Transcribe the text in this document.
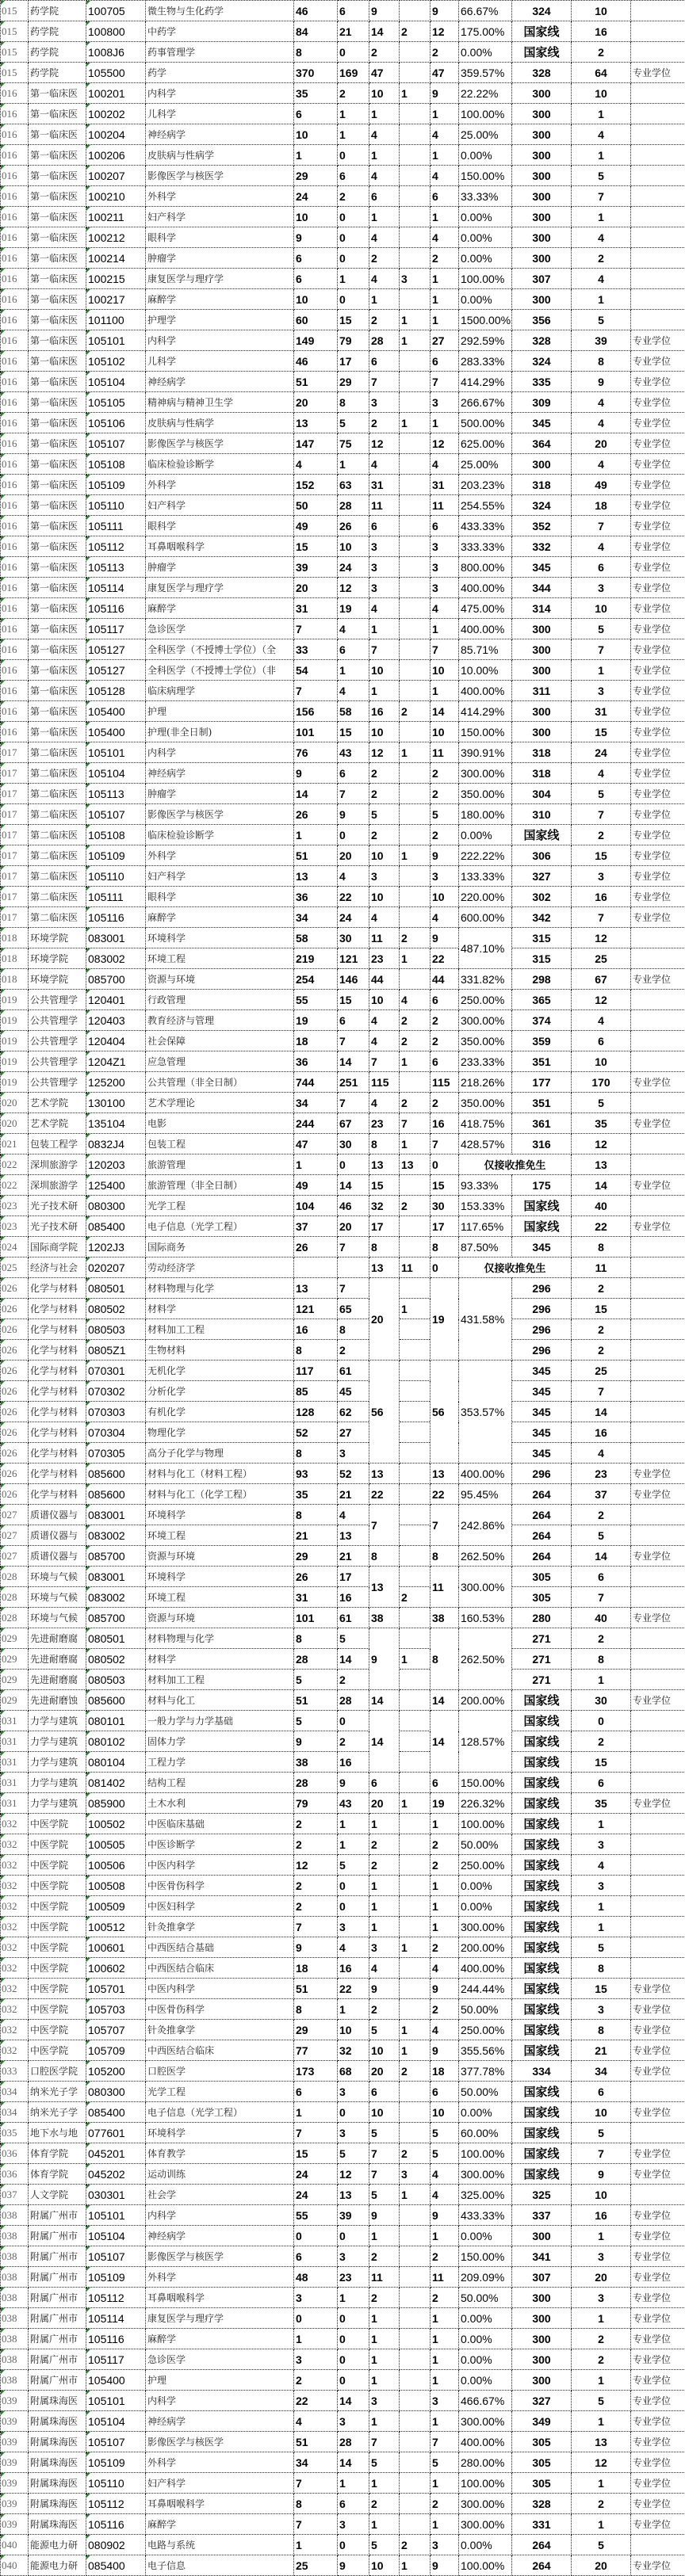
015	药学院	100705	微生物与生化药学	46	6	9		9	66.67%	324	10	
015	药学院	100800	中药学	84	21	14	2	12	175.00%	国家线	16	
015	药学院	1008J6	药事管理学	8	0	2		2	0.00%	国家线	2	
015	药学院	105500	药学	370	169	47		47	359.57%	328	64	专业学位
016	第一临床医	100201	内科学	35	2	10	1	9	22.22%	300	10	
016	第一临床医	100202	儿科学	6	1	1		1	100.00%	300	1	
016	第一临床医	100204	神经病学	10	1	4		4	25.00%	300	4	
016	第一临床医	100206	皮肤病与性病学	1	0	1		1	0.00%	300	1	
016	第一临床医	100207	影像医学与核医学	29	6	4		4	150.00%	300	5	
016	第一临床医	100210	外科学	24	2	6		6	33.33%	300	7	
016	第一临床医	100211	妇产科学	10	0	1		1	0.00%	300	1	
016	第一临床医	100212	眼科学	9	0	4		4	0.00%	300	4	
016	第一临床医	100214	肿瘤学	6	0	2		2	0.00%	300	2	
016	第一临床医	100215	康复医学与理疗学	6	1	4	3	1	100.00%	307	4	
016	第一临床医	100217	麻醉学	10	0	1		1	0.00%	300	1	
016	第一临床医	101100	护理学	60	15	2	1	1	1500.00%	356	5	
016	第一临床医	105101	内科学	149	79	28	1	27	292.59%	328	39	专业学位
016	第一临床医	105102	儿科学	46	17	6		6	283.33%	324	8	专业学位
016	第一临床医	105104	神经病学	51	29	7		7	414.29%	335	9	专业学位
016	第一临床医	105105	精神病与精神卫生学	20	8	3		3	266.67%	309	4	专业学位
016	第一临床医	105106	皮肤病与性病学	13	5	2	1	1	500.00%	345	4	专业学位
016	第一临床医	105107	影像医学与核医学	147	75	12		12	625.00%	364	20	专业学位
016	第一临床医	105108	临床检验诊断学	4	1	4		4	25.00%	300	4	专业学位
016	第一临床医	105109	外科学	152	63	31		31	203.23%	318	49	专业学位
016	第一临床医	105110	妇产科学	50	28	11		11	254.55%	324	18	专业学位
016	第一临床医	105111	眼科学	49	26	6		6	433.33%	352	7	专业学位
016	第一临床医	105112	耳鼻咽喉科学	15	10	3		3	333.33%	332	4	专业学位
016	第一临床医	105113	肿瘤学	39	24	3		3	800.00%	345	6	专业学位
016	第一临床医	105114	康复医学与理疗学	20	12	3		3	400.00%	344	3	专业学位
016	第一临床医	105116	麻醉学	31	19	4		4	475.00%	314	10	专业学位
016	第一临床医	105117	急诊医学	7	4	1		1	400.00%	300	5	专业学位
016	第一临床医	105127	全科医学（不授博士学位）（全	33	6	7		7	85.71%	300	7	专业学位
016	第一临床医	105127	全科医学（不授博士学位）（非	54	1	10		10	10.00%	300	1	专业学位
016	第一临床医	105128	临床病理学	7	4	1		1	400.00%	311	3	专业学位
016	第一临床医	105400	护理	156	58	16	2	14	414.29%	300	31	专业学位
016	第一临床医	105400	护理(非全日制)	101	15	10		10	150.00%	300	15	专业学位
017	第二临床医	105101	内科学	76	43	12	1	11	390.91%	318	24	专业学位
017	第二临床医	105104	神经病学	9	6	2		2	300.00%	318	4	专业学位
017	第二临床医	105113	肿瘤学	14	7	2		2	350.00%	304	5	专业学位
017	第二临床医	105107	影像医学与核医学	26	9	5		5	180.00%	310	7	专业学位
017	第二临床医	105108	临床检验诊断学	1	0	2		2	0.00%	国家线	2	专业学位
017	第二临床医	105109	外科学	51	20	10	1	9	222.22%	306	15	专业学位
017	第二临床医	105110	妇产科学	13	4	3		3	133.33%	327	3	专业学位
017	第二临床医	105111	眼科学	36	22	10		10	220.00%	302	16	专业学位
017	第二临床医	105116	麻醉学	34	24	4		4	600.00%	342	7	专业学位
018	环境学院	083001	环境科学	58	30	11	2	9	487.10%	315	12	
018	环境学院	083002	环境工程	219	121	23	1	22		315	25	
018	环境学院	085700	资源与环境	254	146	44		44	331.82%	298	67	专业学位
019	公共管理学	120401	行政管理	55	15	10	4	6	250.00%	365	12	
019	公共管理学	120403	教育经济与管理	19	6	4	2	2	300.00%	374	4	
019	公共管理学	120404	社会保障	18	7	4	2	2	350.00%	359	6	
019	公共管理学	1204Z1	应急管理	36	14	7	1	6	233.33%	351	10	
019	公共管理学	125200	公共管理（非全日制）	744	251	115		115	218.26%	177	170	专业学位
020	艺术学院	130100	艺术学理论	34	7	4	2	2	350.00%	351	5	
020	艺术学院	135104	电影	244	67	23	7	16	418.75%	361	35	专业学位
021	包装工程学	0832J4	包装工程	47	30	8	1	7	428.57%	316	12	
022	深圳旅游学	120203	旅游管理	1	0	13	13	0	仅接收推免生		13	
022	深圳旅游学	125400	旅游管理（非全日制）	49	14	15		15	93.33%	175	14	专业学位
023	光子技术研	080300	光学工程	104	46	32	2	30	153.33%	国家线	40	
023	光子技术研	085400	电子信息（光学工程）	37	20	17		17	117.65%	国家线	22	专业学位
024	国际商学院	1202J3	国际商务	26	7	8		8	87.50%	345	8	
025	经济与社会	020207	劳动经济学			13	11	0	仅接收推免生		11	
026	化学与材料	080501	材料物理与化学	13	7	20		19	431.58%	296	2	
026	化学与材料	080502	材料学	121	65		1			296	15	
026	化学与材料	080503	材料加工工程	16	8					296	2	
026	化学与材料	0805Z1	生物材料	8	2					296	2	
026	化学与材料	070301	无机化学	117	61	56		56	353.57%	345	25	
026	化学与材料	070302	分析化学	85	45					345	7	
026	化学与材料	070303	有机化学	128	62					345	14	
026	化学与材料	070304	物理化学	52	27					345	16	
026	化学与材料	070305	高分子化学与物理	8	3					345	4	
026	化学与材料	085600	材料与化工（材料工程）	93	52	13		13	400.00%	296	23	专业学位
026	化学与材料	085600	材料与化工（化学工程）	35	21	22		22	95.45%	264	37	专业学位
027	质谱仪器与	083001	环境科学	8	4	7		7	242.86%	264	2	
027	质谱仪器与	083002	环境工程	21	13					264	5	
027	质谱仪器与	085700	资源与环境	29	21	8		8	262.50%	264	14	专业学位
028	环境与气候	083001	环境科学	26	17	13		11	300.00%	305	6	
028	环境与气候	083002	环境工程	31	16		2			305	7	
028	环境与气候	085700	资源与环境	101	61	38		38	160.53%	280	40	专业学位
029	先进耐磨腐	080501	材料物理与化学	8	5	9		8	262.50%	271	2	
029	先进耐磨腐	080502	材料学	28	14		1			271	8	
029	先进耐磨腐	080503	材料加工工程	5	2					271	1	
029	先进耐磨蚀	085600	材料与化工	51	28	14		14	200.00%	国家线	30	专业学位
031	力学与建筑	080101	一般力学与力学基础	5	0	14		14	128.57%	国家线	0	
031	力学与建筑	080102	固体力学	9	2					国家线	2	
031	力学与建筑	080104	工程力学	38	16					国家线	15	
031	力学与建筑	081402	结构工程	28	9	6		6	150.00%	国家线	6	
031	力学与建筑	085900	土木水利	79	43	20	1	19	226.32%	国家线	35	专业学位
032	中医学院	100502	中医临床基础	2	1	1		1	100.00%	国家线	1	
032	中医学院	100505	中医诊断学	2	1	2		2	50.00%	国家线	3	
032	中医学院	100506	中医内科学	12	5	2		2	250.00%	国家线	4	
032	中医学院	100508	中医骨伤科学	2	0	1		1	0.00%	国家线	3	
032	中医学院	100509	中医妇科学	2	0	1		1	0.00%	国家线	1	
032	中医学院	100512	针灸推拿学	7	3	1		1	300.00%	国家线	1	
032	中医学院	100601	中西医结合基础	9	4	3	1	2	200.00%	国家线	5	
032	中医学院	100602	中西医结合临床	18	16	4		4	400.00%	国家线	8	
032	中医学院	105701	中医内科学	51	22	9		9	244.44%	国家线	15	专业学位
032	中医学院	105703	中医骨伤科学	8	1	2		2	50.00%	国家线	3	专业学位
032	中医学院	105707	针灸推拿学	29	10	5	1	4	250.00%	国家线	8	专业学位
032	中医学院	105709	中西医结合临床	77	32	10	1	9	355.56%	国家线	21	专业学位
033	口腔医学院	105200	口腔医学	173	68	20	2	18	377.78%	334	34	专业学位
034	纳米光子学	080300	光学工程	6	3	6		6	50.00%	国家线	6	
034	纳米光子学	085400	电子信息（光学工程）	1	0	10		10	0.00%	国家线	10	专业学位
035	地下水与地	077601	环境科学	7	3	5		5	60.00%	国家线	5	
036	体育学院	045201	体育教学	15	5	7	2	5	100.00%	国家线	7	专业学位
036	体育学院	045202	运动训练	24	12	7	3	4	300.00%	国家线	9	专业学位
037	人文学院	030301	社会学	24	13	5	1	4	325.00%	325	10	
038	附属广州市	105101	内科学	55	39	9		9	433.33%	337	16	专业学位
038	附属广州市	105104	神经病学	0	0	1		1	0.00%	300	1	专业学位
038	附属广州市	105107	影像医学与核医学	6	3	2		2	150.00%	341	3	专业学位
038	附属广州市	105109	外科学	48	23	11		11	209.09%	307	20	专业学位
038	附属广州市	105112	耳鼻咽喉科学	3	1	2		2	50.00%	300	3	专业学位
038	附属广州市	105114	康复医学与理疗学	0	0	1		1	0.00%	300	1	专业学位
038	附属广州市	105116	麻醉学	1	0	1		1	0.00%	300	2	专业学位
038	附属广州市	105117	急诊医学	3	0	1		1	0.00%	300	2	专业学位
038	附属广州市	105400	护理	2	0	1		1	0.00%	300	1	专业学位
039	附属珠海医	105101	内科学	22	14	3		3	466.67%	327	5	专业学位
039	附属珠海医	105104	神经病学	4	3	1		1	300.00%	349	1	专业学位
039	附属珠海医	105107	影像医学与核医学	51	28	7		7	400.00%	305	13	专业学位
039	附属珠海医	105109	外科学	34	14	5		5	280.00%	305	12	专业学位
039	附属珠海医	105110	妇产科学	7	1	1		1	100.00%	305	1	专业学位
039	附属珠海医	105112	耳鼻咽喉科学	8	6	2		2	300.00%	328	2	专业学位
039	附属珠海医	105116	麻醉学	7	3	1		1	300.00%	331	1	专业学位
040	能源电力研	080902	电路与系统	1	0	5	2	3	0.00%	264	5	
040	能源电力研	085400	电子信息	25	9	10	1	9	100.00%	264	20	专业学位
